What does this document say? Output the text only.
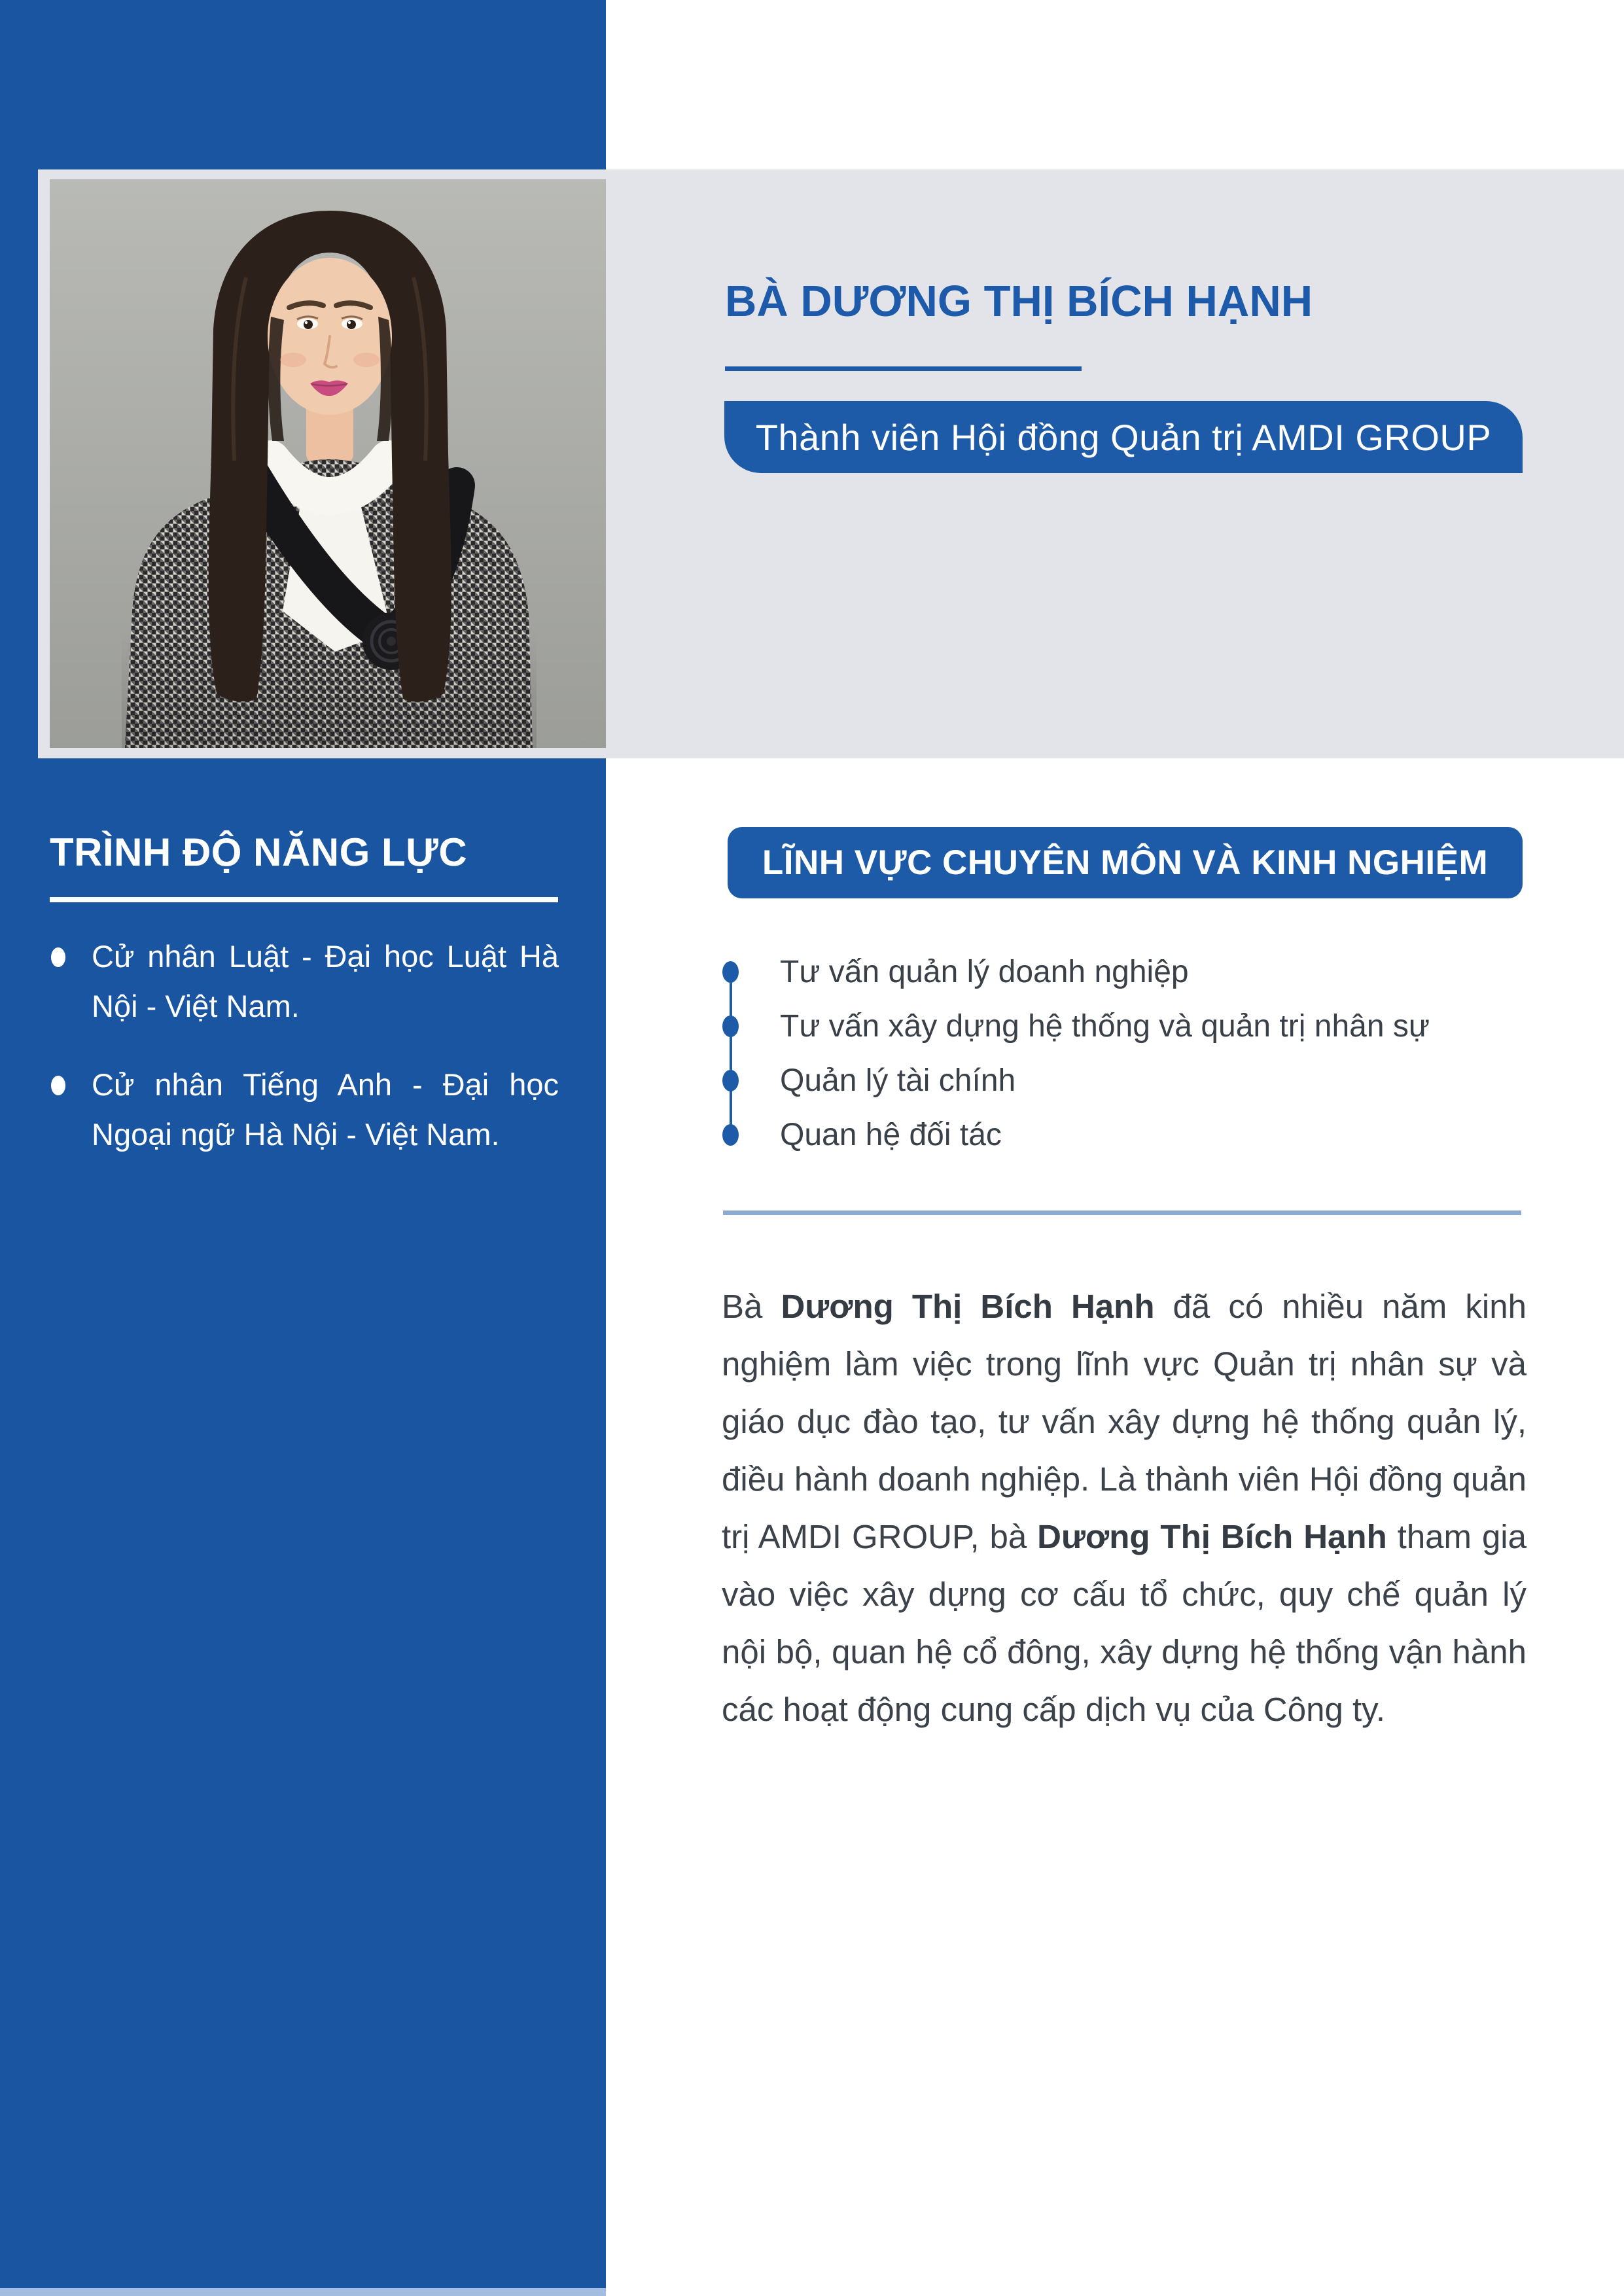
BÀ DƯƠNG THỊ BÍCH HẠNH
Thành viên Hội đồng Quản trị AMDI GROUP
TRÌNH ĐỘ NĂNG LỰC
Cử nhân Luật - Đại học Luật Hà Nội - Việt Nam.
Cử nhân Tiếng Anh - Đại học Ngoại ngữ Hà Nội - Việt Nam.
LĨNH VỰC CHUYÊN MÔN VÀ KINH NGHIỆM
Tư vấn quản lý doanh nghiệp
Tư vấn xây dựng hệ thống và quản trị nhân sự
Quản lý tài chính
Quan hệ đối tác

Bà Dương Thị Bích Hạnh đã có nhiều năm kinh nghiệm làm việc trong lĩnh vực Quản trị nhân sự và giáo dục đào tạo, tư vấn xây dựng hệ thống quản lý, điều hành doanh nghiệp. Là thành viên Hội đồng quản trị AMDI GROUP, bà Dương Thị Bích Hạnh tham gia vào việc xây dựng cơ cấu tổ chức, quy chế quản lý nội bộ, quan hệ cổ đông, xây dựng hệ thống vận hành các hoạt động cung cấp dịch vụ của Công ty.
